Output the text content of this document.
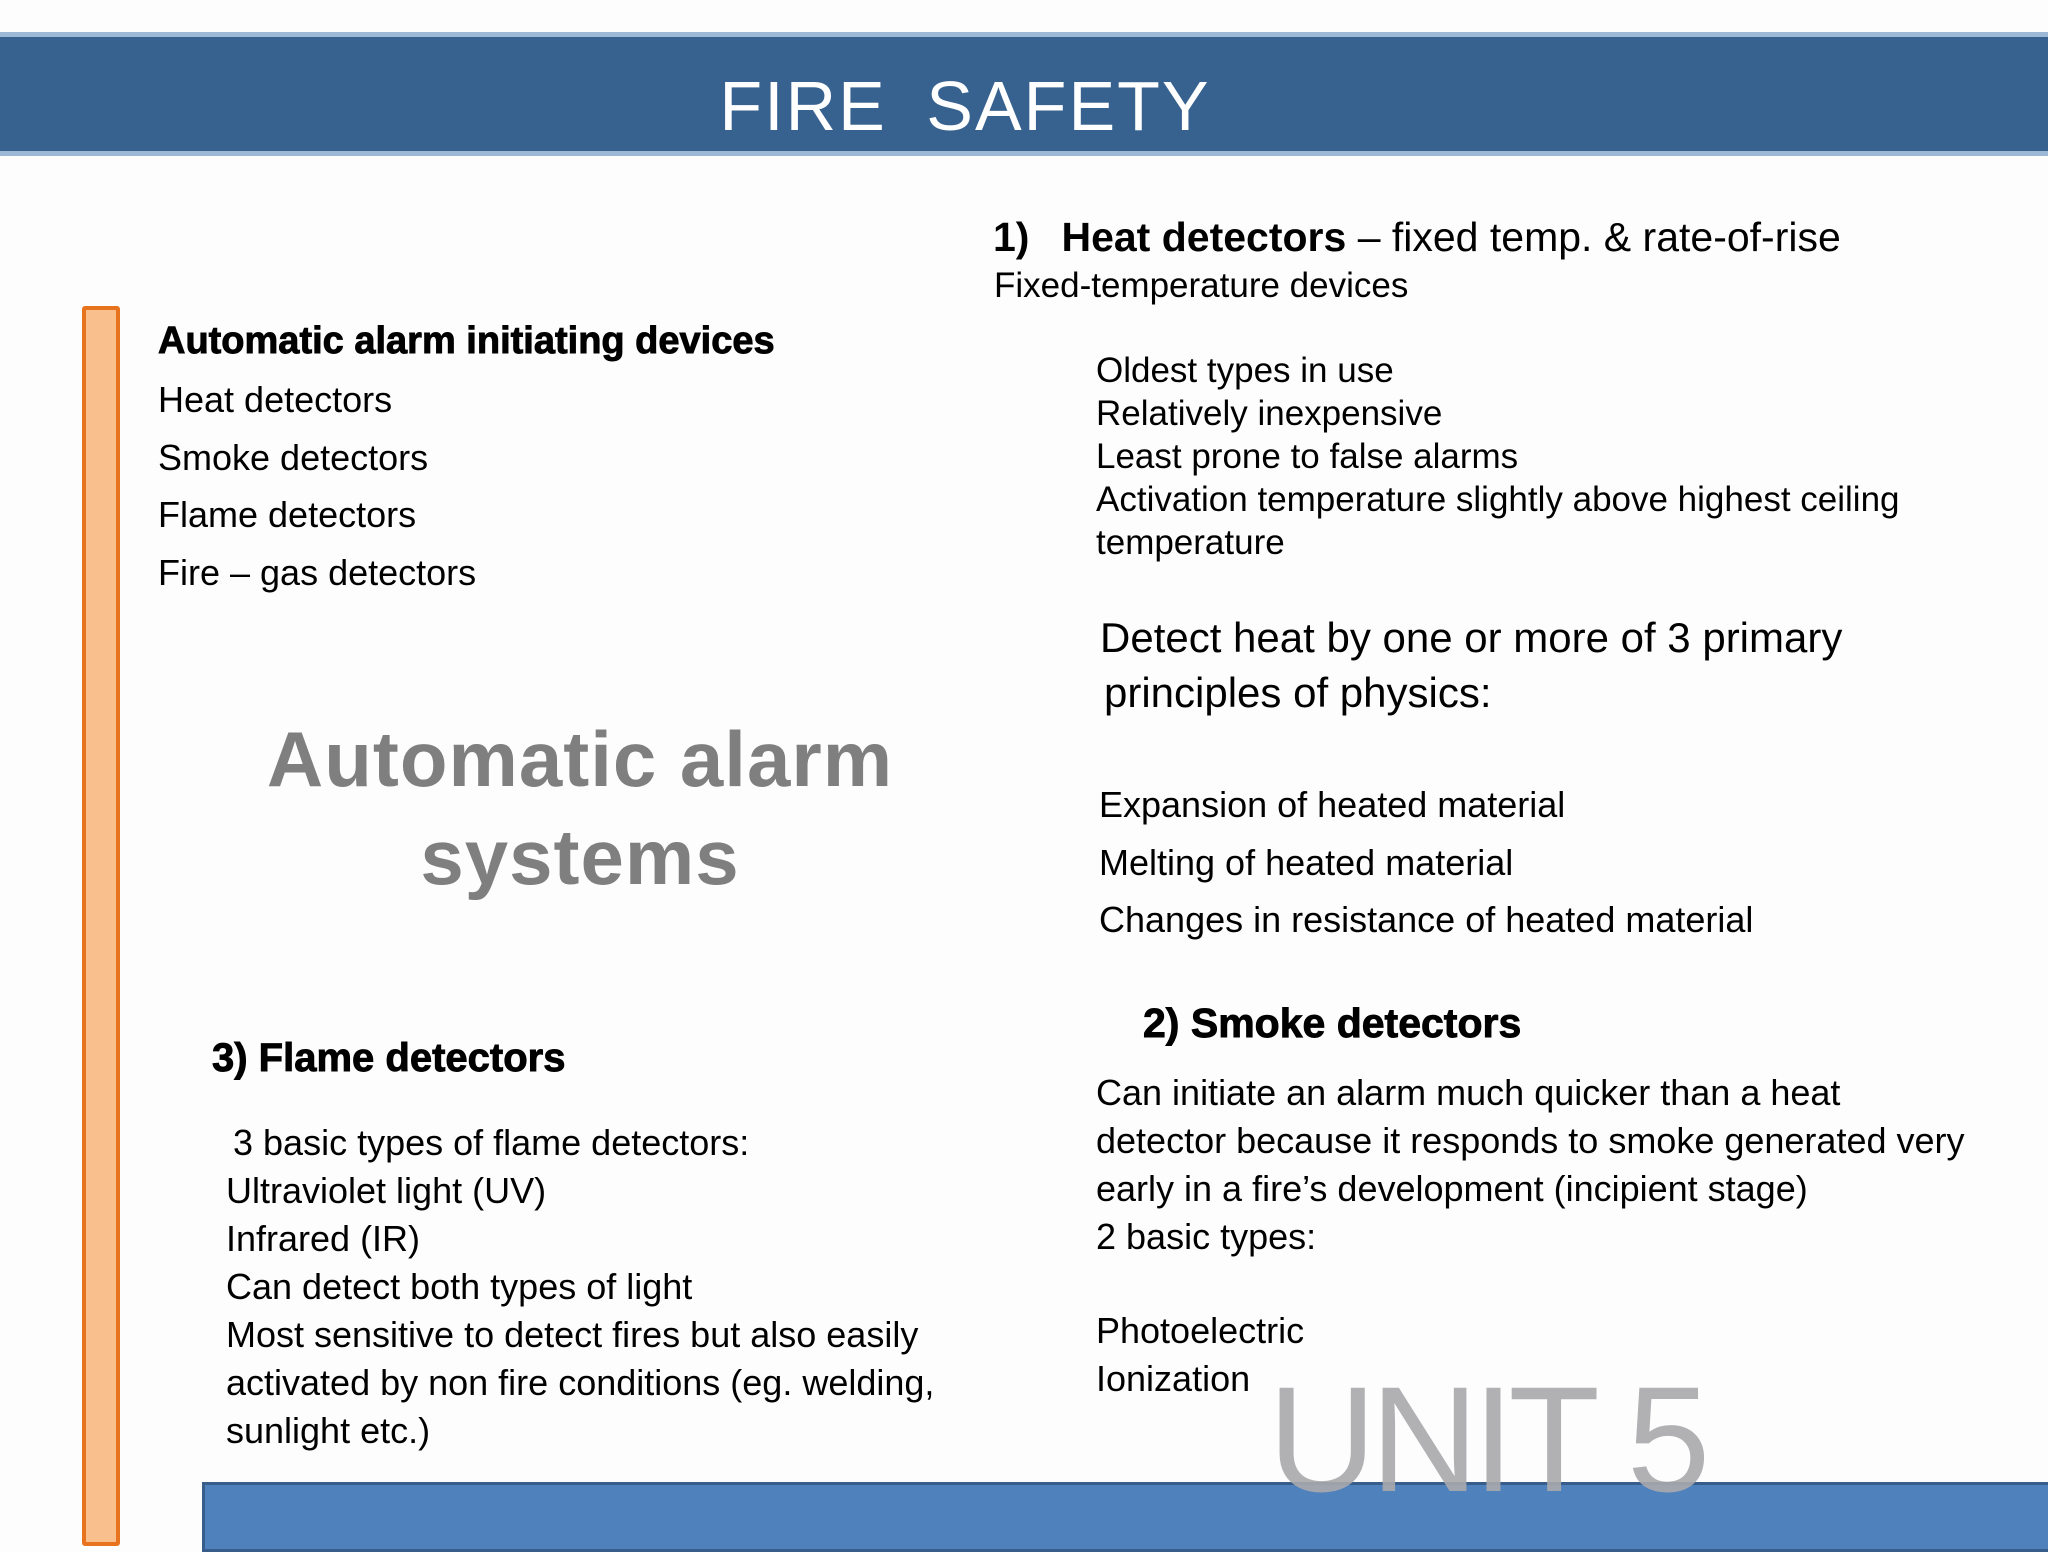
FIRE SAFETY
UNIT 5
Automatic alarm initiating devices
Heat detectors
Smoke detectors
Flame detectors
Fire – gas detectors
Automatic alarm
systems
3) Flame detectors
3 basic types of flame detectors:
Ultraviolet light (UV)
Infrared (IR)
Can detect both types of light
Most sensitive to detect fires but also easily
activated by non fire conditions (eg. welding,
sunlight etc.)
1) Heat detectors – fixed temp. & rate-of-rise
Fixed-temperature devices
Oldest types in use
Relatively inexpensive
Least prone to false alarms
Activation temperature slightly above highest ceiling
temperature
Detect heat by one or more of 3 primary
principles of physics:
Expansion of heated material
Melting of heated material
Changes in resistance of heated material
2) Smoke detectors
Can initiate an alarm much quicker than a heat
detector because it responds to smoke generated very
early in a fire’s development (incipient stage)
2 basic types:
Photoelectric
Ionization
